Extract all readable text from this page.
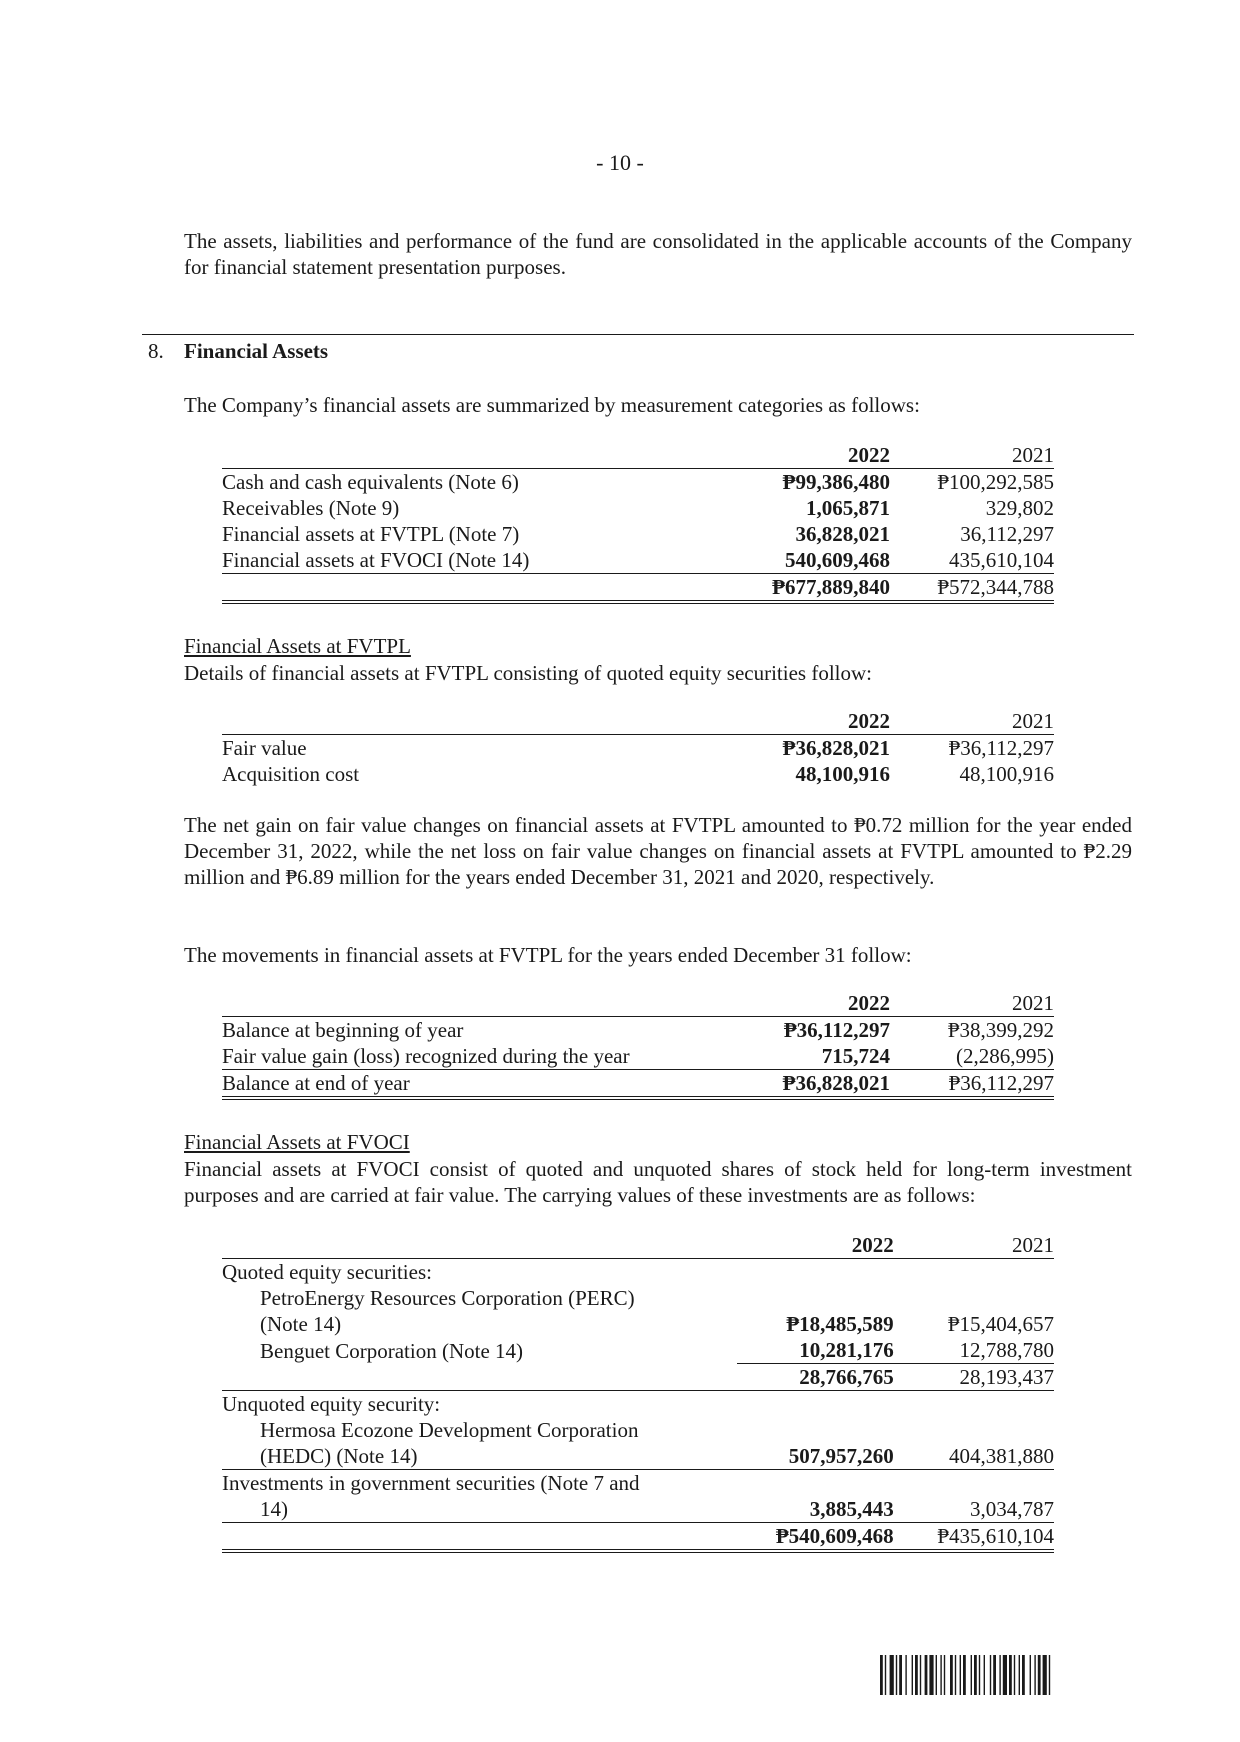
- 10 -
The assets, liabilities and performance of the fund are consolidated in the applicable accounts of the Company for financial statement presentation purposes.
8. Financial Assets
The Company’s financial assets are summarized by measurement categories as follows:
		2022	2021
Cash and cash equivalents (Note 6)		₱99,386,480	₱100,292,585
Receivables (Note 9)		1,065,871	329,802
Financial assets at FVTPL (Note 7)		36,828,021	36,112,297
Financial assets at FVOCI (Note 14)		540,609,468	435,610,104
		₱677,889,840	₱572,344,788
Financial Assets at FVTPL
Details of financial assets at FVTPL consisting of quoted equity securities follow:
		2022	2021
Fair value		₱36,828,021	₱36,112,297
Acquisition cost		48,100,916	48,100,916
The net gain on fair value changes on financial assets at FVTPL amounted to ₱0.72 million for the year ended December 31, 2022, while the net loss on fair value changes on financial assets at FVTPL amounted to ₱2.29 million and ₱6.89 million for the years ended December 31, 2021 and 2020, respectively.
The movements in financial assets at FVTPL for the years ended December 31 follow:
		2022	2021
Balance at beginning of year		₱36,112,297	₱38,399,292
Fair value gain (loss) recognized during the year		715,724	(2,286,995)
Balance at end of year		₱36,828,021	₱36,112,297
Financial Assets at FVOCI
Financial assets at FVOCI consist of quoted and unquoted shares of stock held for long-term investment purposes and are carried at fair value. The carrying values of these investments are as follows:
		2022	2021
Quoted equity securities:			
PetroEnergy Resources Corporation (PERC)			
(Note 14)		₱18,485,589	₱15,404,657
Benguet Corporation (Note 14)		10,281,176	12,788,780
		28,766,765	28,193,437
Unquoted equity security:			
Hermosa Ecozone Development Corporation			
(HEDC) (Note 14)		507,957,260	404,381,880
Investments in government securities (Note 7 and			
14)		3,885,443	3,034,787
		₱540,609,468	₱435,610,104
